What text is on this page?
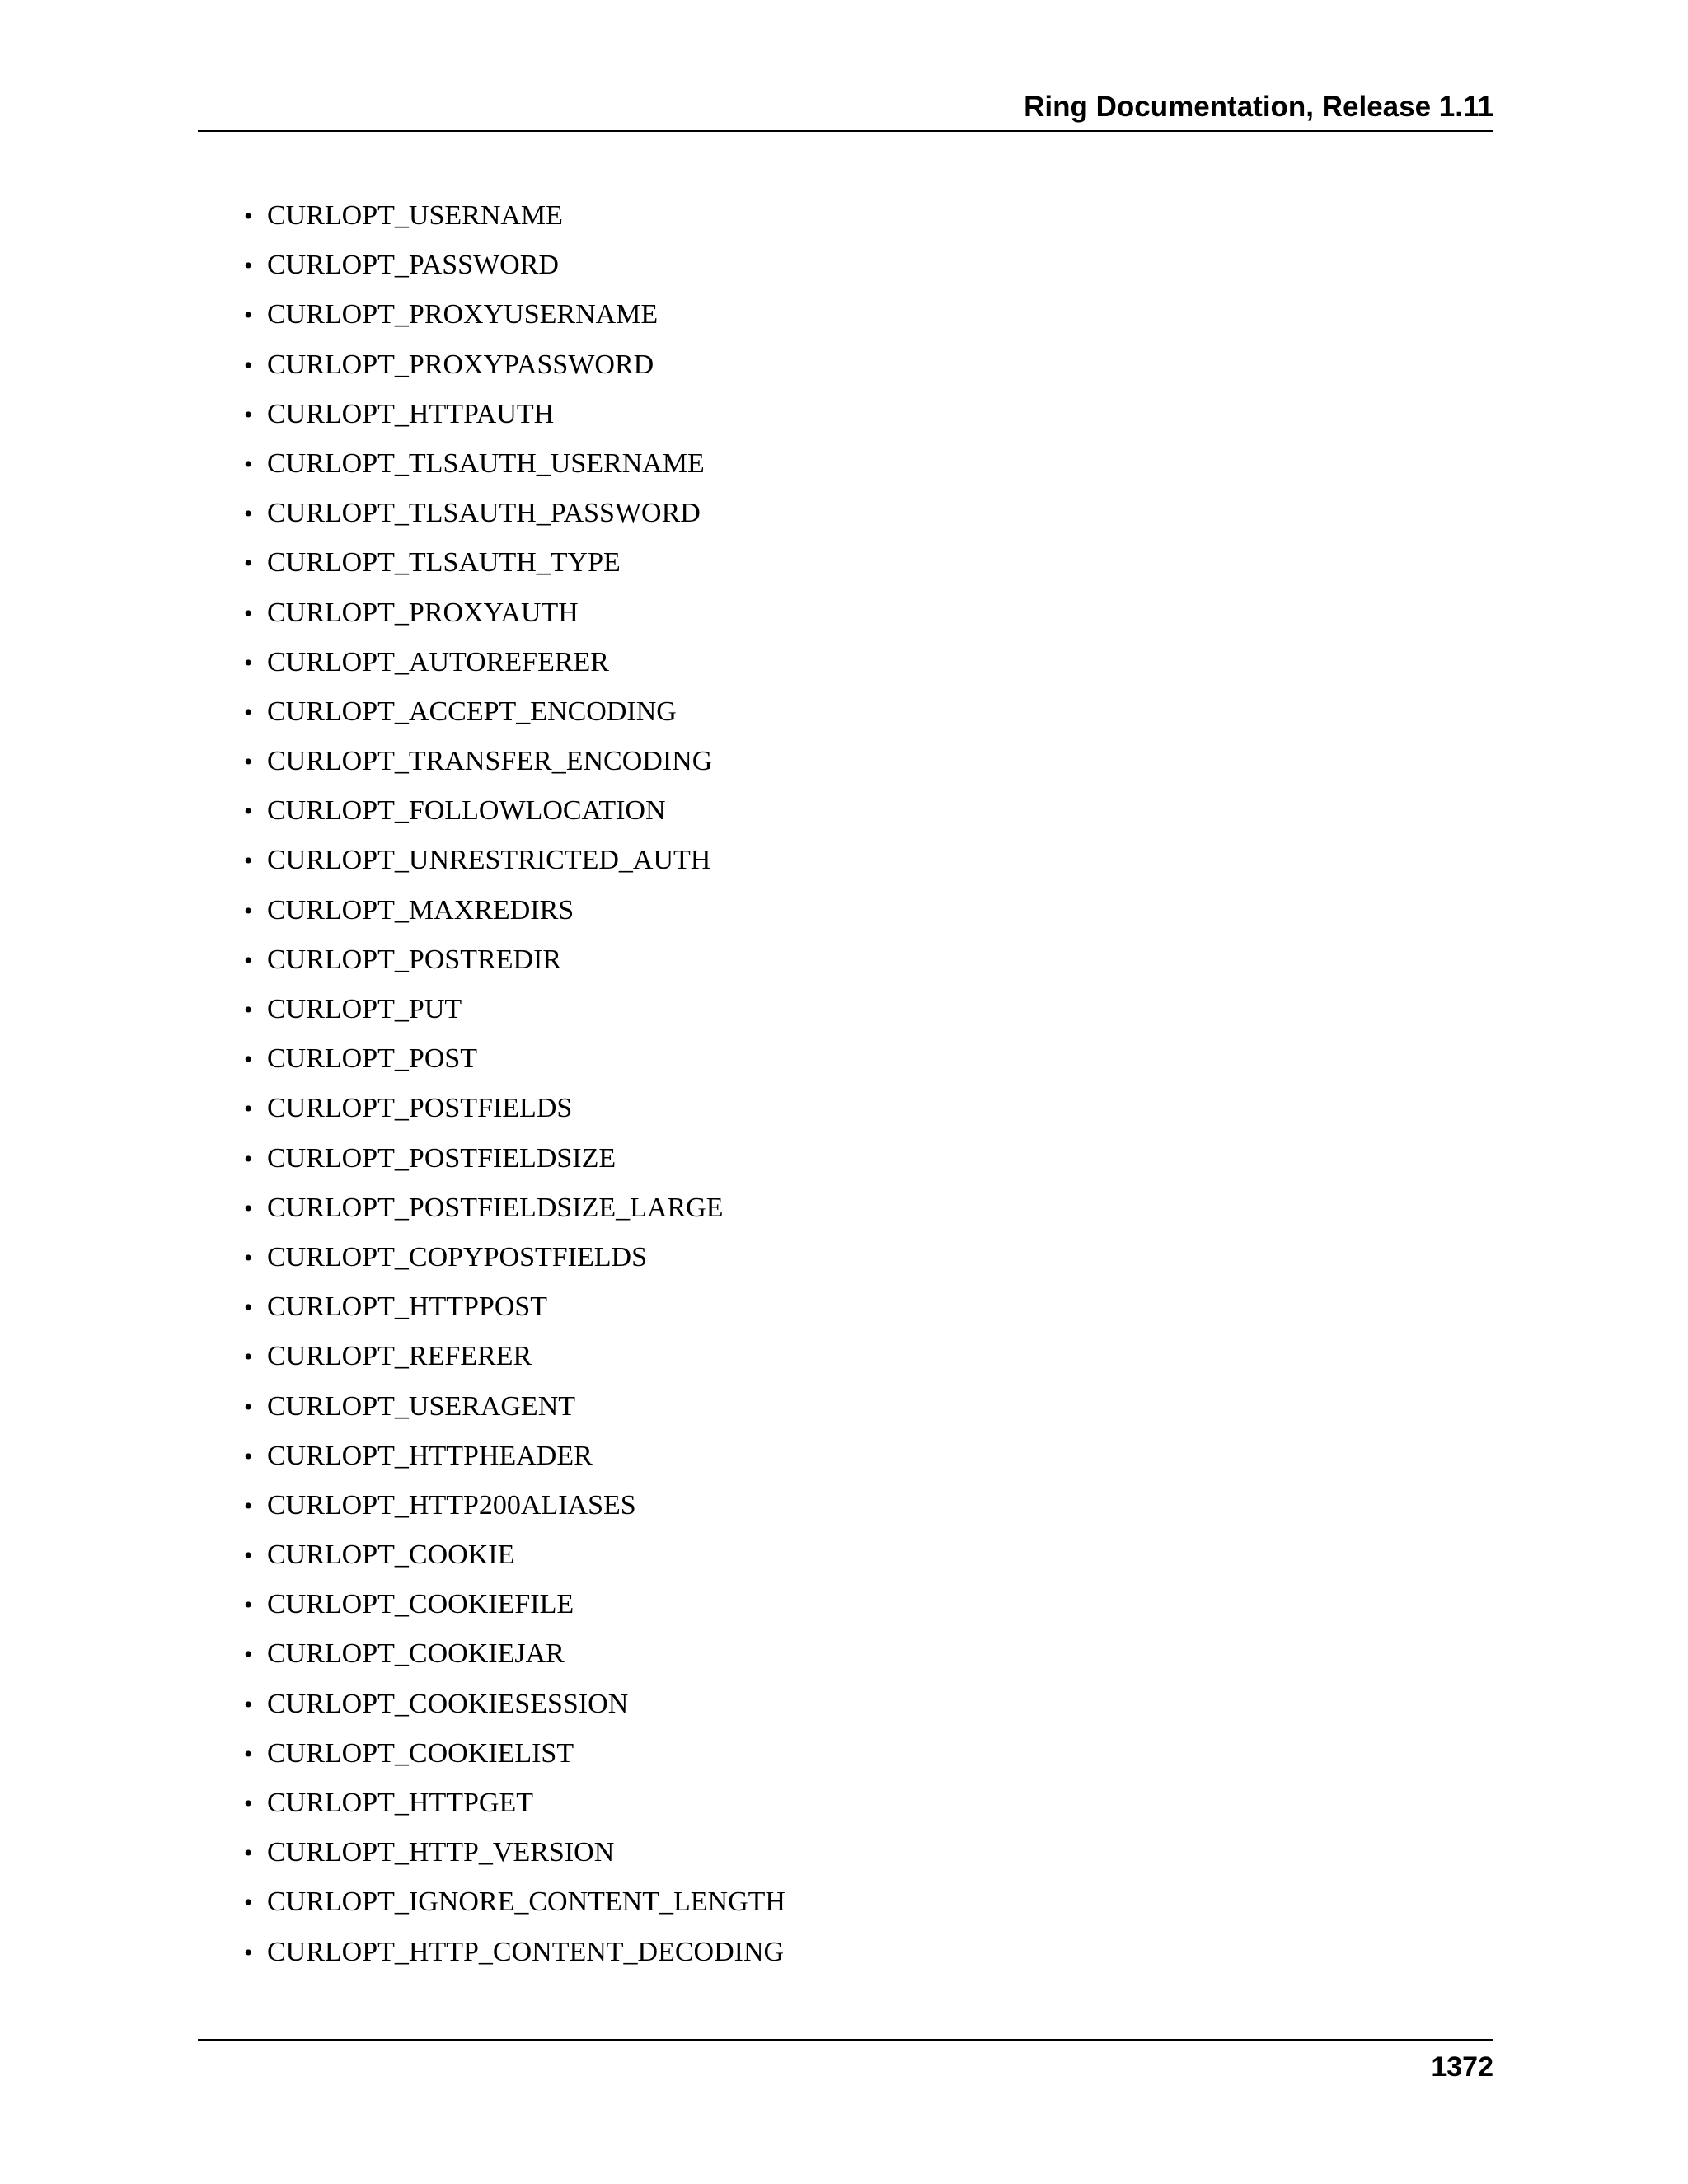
Ring Documentation, Release 1.11
• CURLOPT_USERNAME
• CURLOPT_PASSWORD
• CURLOPT_PROXYUSERNAME
• CURLOPT_PROXYPASSWORD
• CURLOPT_HTTPAUTH
• CURLOPT_TLSAUTH_USERNAME
• CURLOPT_TLSAUTH_PASSWORD
• CURLOPT_TLSAUTH_TYPE
• CURLOPT_PROXYAUTH
• CURLOPT_AUTOREFERER
• CURLOPT_ACCEPT_ENCODING
• CURLOPT_TRANSFER_ENCODING
• CURLOPT_FOLLOWLOCATION
• CURLOPT_UNRESTRICTED_AUTH
• CURLOPT_MAXREDIRS
• CURLOPT_POSTREDIR
• CURLOPT_PUT
• CURLOPT_POST
• CURLOPT_POSTFIELDS
• CURLOPT_POSTFIELDSIZE
• CURLOPT_POSTFIELDSIZE_LARGE
• CURLOPT_COPYPOSTFIELDS
• CURLOPT_HTTPPOST
• CURLOPT_REFERER
• CURLOPT_USERAGENT
• CURLOPT_HTTPHEADER
• CURLOPT_HTTP200ALIASES
• CURLOPT_COOKIE
• CURLOPT_COOKIEFILE
• CURLOPT_COOKIEJAR
• CURLOPT_COOKIESESSION
• CURLOPT_COOKIELIST
• CURLOPT_HTTPGET
• CURLOPT_HTTP_VERSION
• CURLOPT_IGNORE_CONTENT_LENGTH
• CURLOPT_HTTP_CONTENT_DECODING
1372
